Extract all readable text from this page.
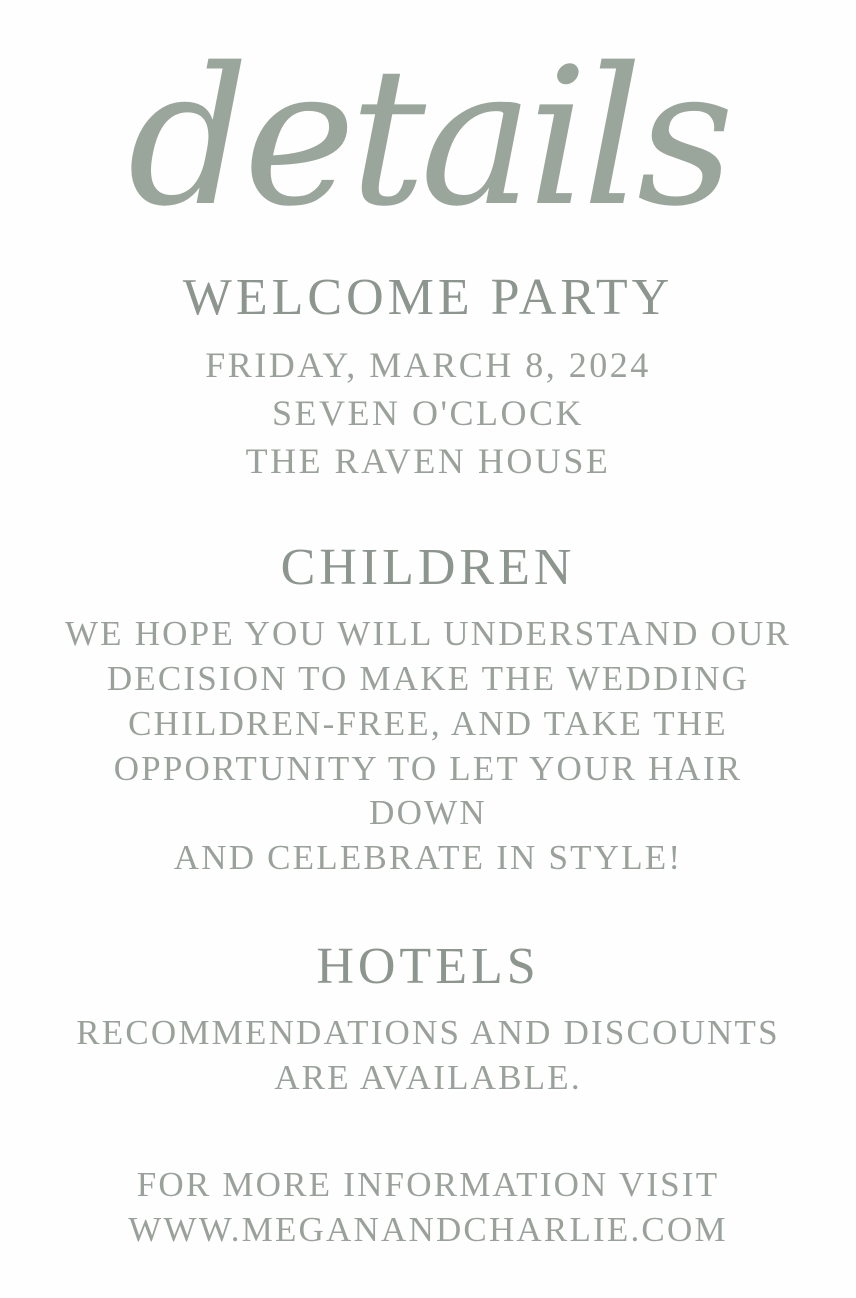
details
WELCOME PARTY

FRIDAY, MARCH 8, 2024

SEVEN O'CLOCK

THE RAVEN HOUSE

CHILDREN

WE HOPE YOU WILL UNDERSTAND OUR

DECISION TO MAKE THE WEDDING

CHILDREN-FREE, AND TAKE THE

OPPORTUNITY TO LET YOUR HAIR DOWN

AND CELEBRATE IN STYLE!

HOTELS

RECOMMENDATIONS AND DISCOUNTS

ARE AVAILABLE.

FOR MORE INFORMATION VISIT

WWW.MEGANANDCHARLIE.COM
